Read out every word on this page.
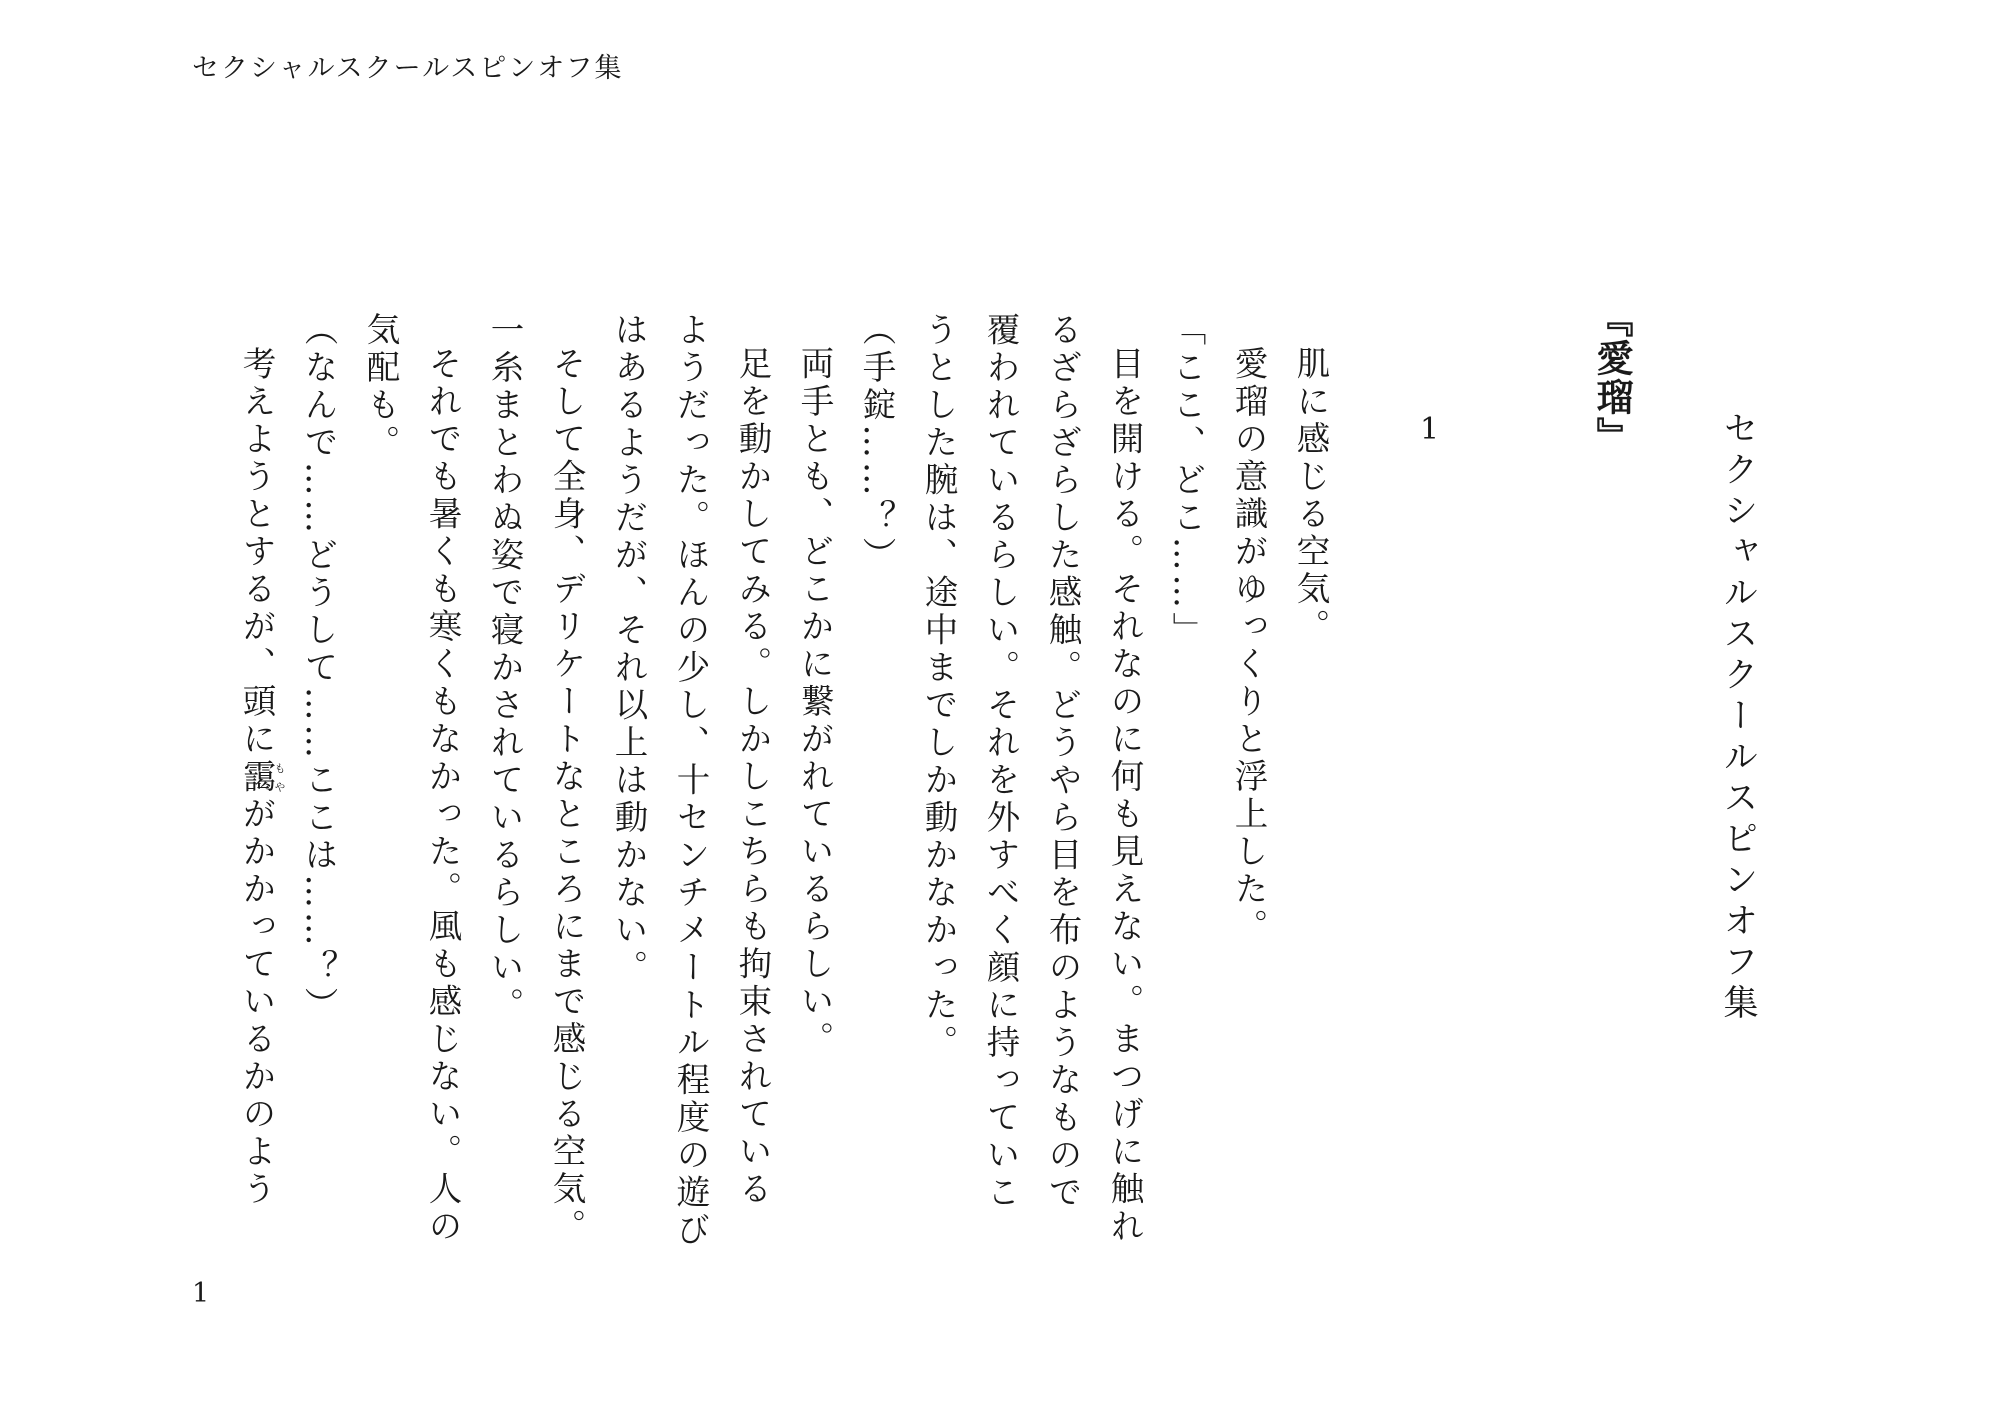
セクシャルスクールスピンオフ集
セクシャルスクールスピンオフ集
『愛瑠』
1
肌に感じる空気。
愛瑠の意識がゆっくりと浮上した。
「ここ、どこ……」
目を開ける。それなのに何も見えない。まつげに触れ
るざらざらした感触。どうやら目を布のようなもので
覆われているらしい。それを外すべく顔に持っていこ
うとした腕は、途中までしか動かなかった。
（手錠……？）
両手とも、どこかに繋がれているらしい。
足を動かしてみる。しかしこちらも拘束されている
ようだった。ほんの少し、十センチメートル程度の遊び
はあるようだが、それ以上は動かない。
そして全身、デリケートなところにまで感じる空気。
一糸まとわぬ姿で寝かされているらしい。
それでも暑くも寒くもなかった。風も感じない。人の
気配も。
（なんで……どうして……ここは……？）
考えようとするが、頭に靄もやがかかっているかのよう
1
